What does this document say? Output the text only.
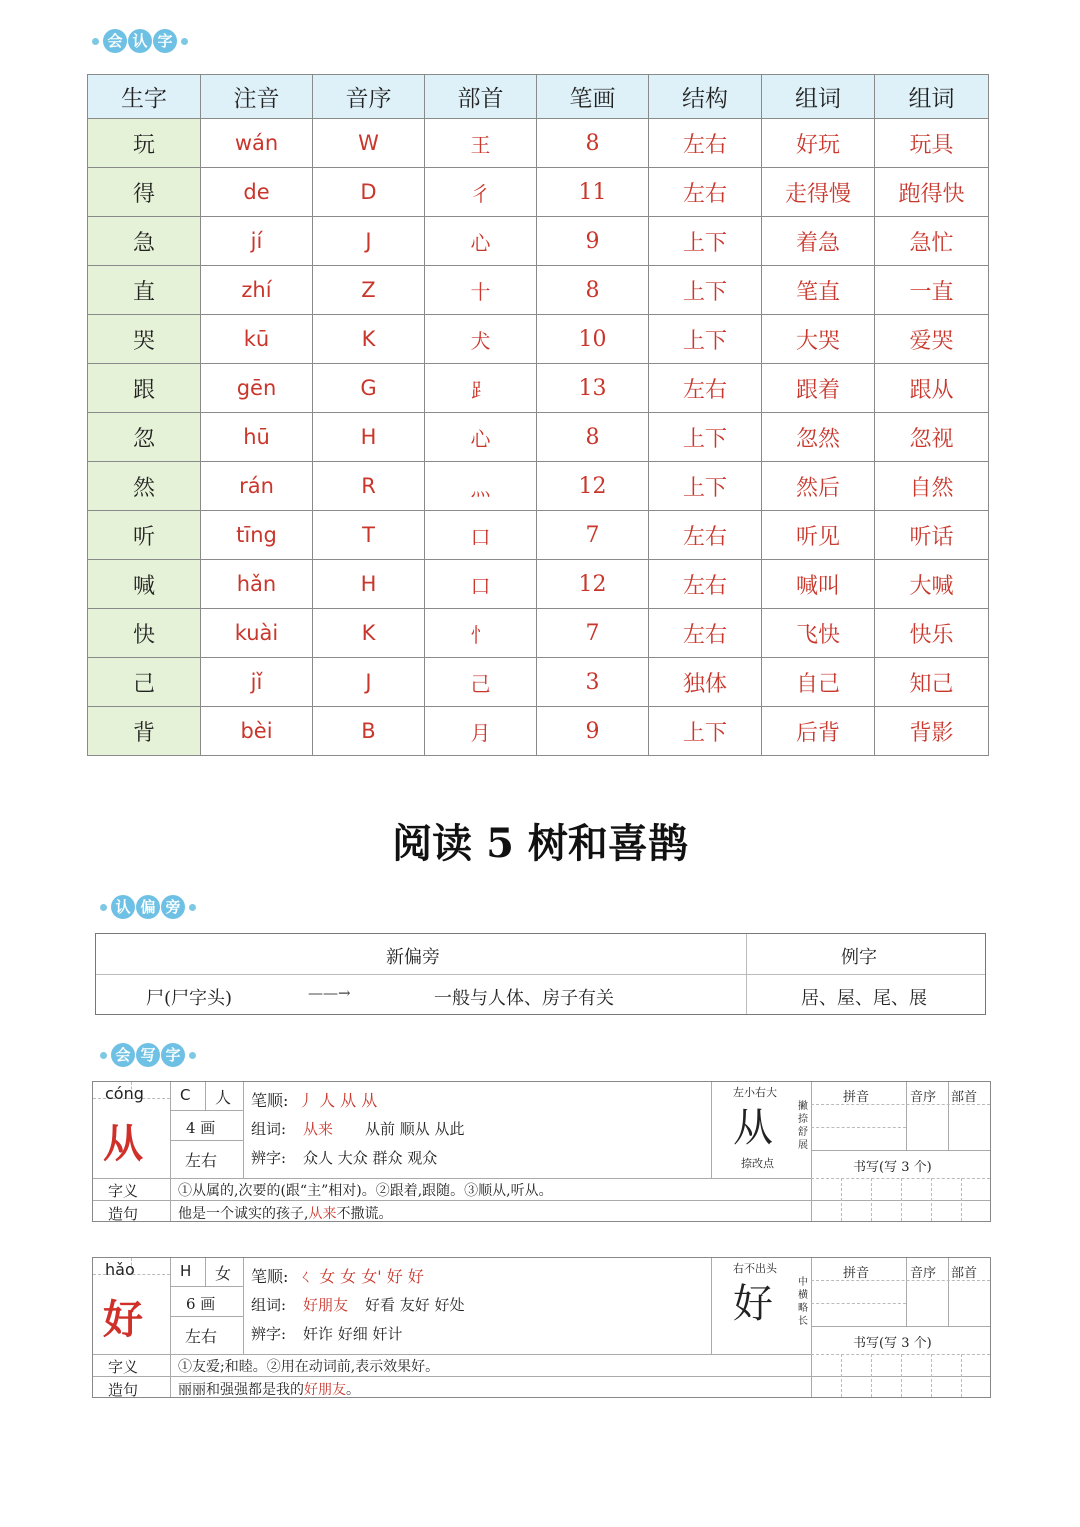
会 认 字
生字	注音	音序	部首	笔画	结构	组词	组词
玩	wán	W	王	8	左右	好玩	玩具
得	de	D	彳	11	左右	走得慢	跑得快
急	jí	J	心	9	上下	着急	急忙
直	zhí	Z	十	8	上下	笔直	一直
哭	kū	K	犬	10	上下	大哭	爱哭
跟	gēn	G	⻊	13	左右	跟着	跟从
忽	hū	H	心	8	上下	忽然	忽视
然	rán	R	灬	12	上下	然后	自然
听	tīng	T	口	7	左右	听见	听话
喊	hǎn	H	口	12	左右	喊叫	大喊
快	kuài	K	忄	7	左右	飞快	快乐
己	jǐ	J	己	3	独体	自己	知己
背	bèi	B	月	9	上下	后背	背影
阅读 5 树和喜鹊
认 偏 旁
新偏旁	例字
尸(尸字头)	——→	一般与人体、房子有关	居、屋、尾、展
会 写 字
cóng
从
C 人
4 画
左右
笔顺: 丿 人 从 从
组词: 从来 从前 顺从 从此
辨字: 众人 大众 群众 观众
左小右大
从	撇捺舒展
捺改点
拼音	音序 部首
书写(写 3 个)
字义	①从属的,次要的(跟“主”相对)。②跟着,跟随。③顺从,听从。
造句	他是一个诚实的孩子,从来不撒谎。
hǎo
好
H 女
6 画
左右
笔顺: ㄑ 女 女 女' 好 好
组词: 好朋友 好看 友好 好处
辨字: 奸诈 好细 奸计
右不出头
好	中横略长
拼音	音序 部首
书写(写 3 个)
字义	①友爱;和睦。②用在动词前,表示效果好。
造句	丽丽和强强都是我的好朋友。
